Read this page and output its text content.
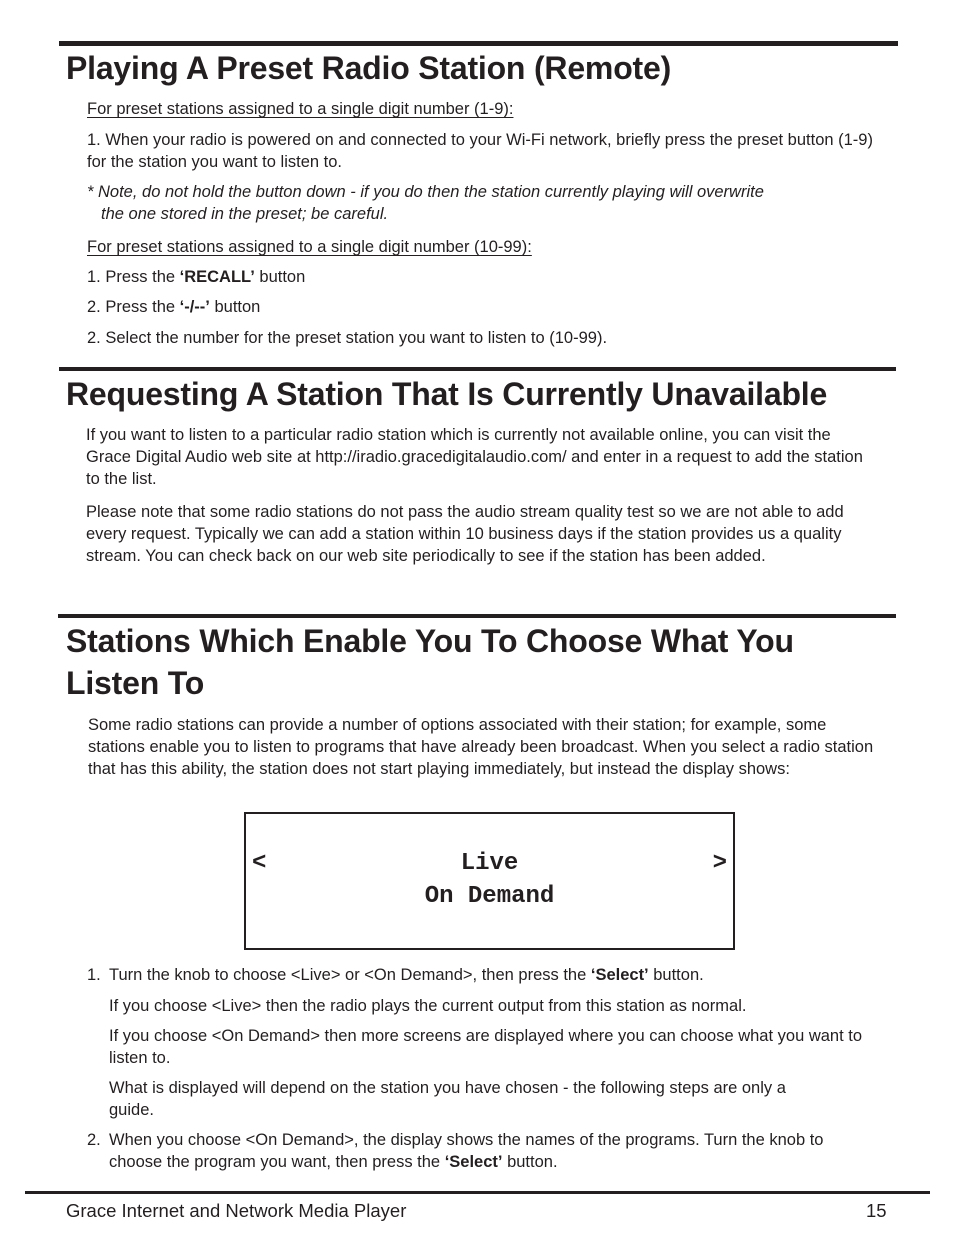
Playing A Preset Radio Station (Remote)

For preset stations assigned to a single digit number (1-9):

1. When your radio is powered on and connected to your Wi-Fi network, briefly press the preset button (1-9) for the station you want to listen to.

* Note, do not hold the button down - if you do then the station currently playing will overwrite

the one stored in the preset; be careful.

For preset stations assigned to a single digit number (10-99):

1. Press the ‘RECALL’ button

2. Press the ‘-/--’ button

2. Select the number for the preset station you want to listen to (10-99).

Requesting A Station That Is Currently Unavailable

If you want to listen to a particular radio station which is currently not available online, you can visit the Grace Digital Audio web site at http://iradio.gracedigitalaudio.com/ and enter in a request to add the station to the list.

Please note that some radio stations do not pass the audio stream quality test so we are not able to add every request. Typically we can add a station within 10 business days if the station provides us a quality stream. You can check back on our web site periodically to see if the station has been added.

Stations Which Enable You To Choose What You
Listen To

Some radio stations can provide a number of options associated with their station; for example, some stations enable you to listen to programs that have already been broadcast. When you select a radio station that has this ability, the station does not start playing immediately, but instead the display shows:

<	>
Live
On Demand
1. Turn the knob to choose <Live> or <On Demand>, then press the ‘Select’ button.

If you choose <Live> then the radio plays the current output from this station as normal.

If you choose <On Demand> then more screens are displayed where you can choose what you want to listen to.

What is displayed will depend on the station you have chosen - the following steps are only a guide.

2. When you choose <On Demand>, the display shows the names of the programs. Turn the knob to choose the program you want, then press the ‘Select’ button.

Grace Internet and Network Media Player	15
